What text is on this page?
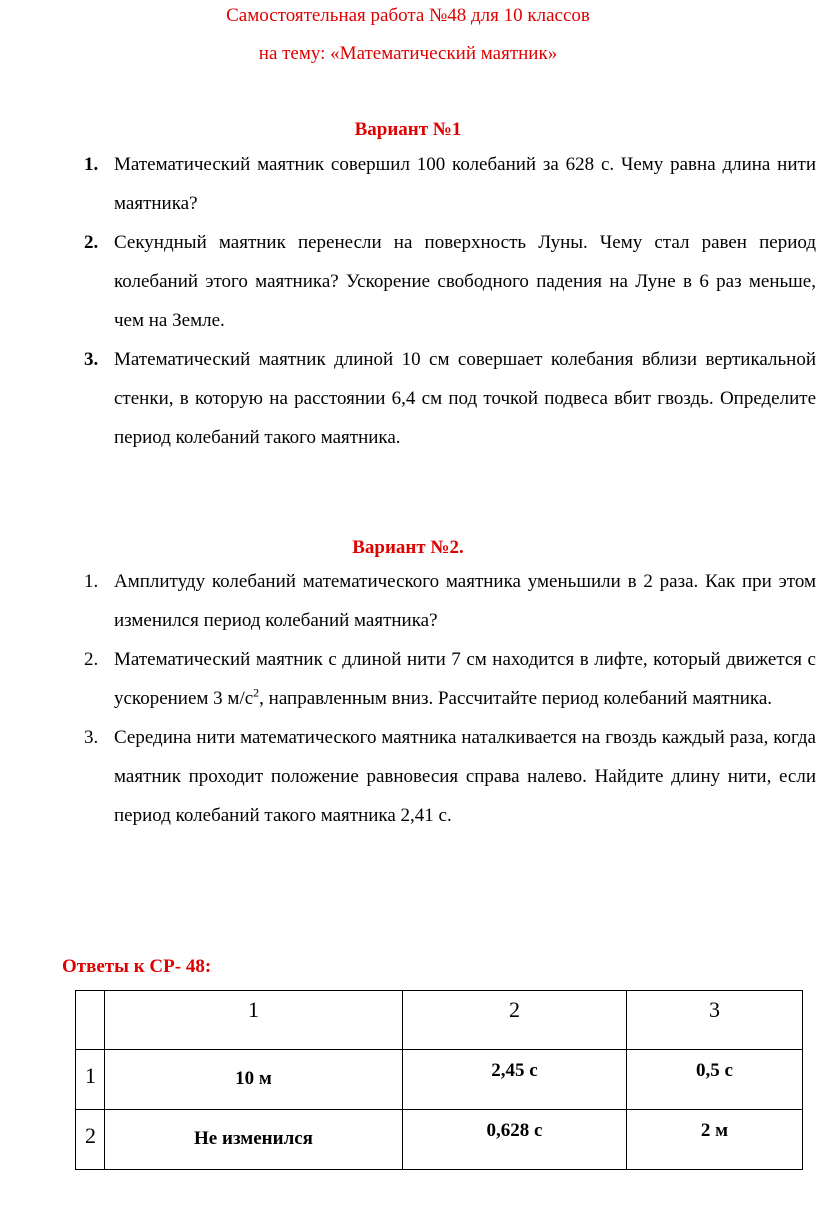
Самостоятельная работа №48 для 10 классов
на тему: «Математический маятник»
Вариант №1
1. Математический маятник совершил 100 колебаний за 628 с. Чему равна длина нити маятника?
2. Секундный маятник перенесли на поверхность Луны. Чему стал равен период колебаний этого маятника? Ускорение свободного падения на Луне в 6 раз меньше, чем на Земле.
3. Математический маятник длиной 10 см совершает колебания вблизи вертикальной стенки, в которую на расстоянии 6,4 см под точкой подвеса вбит гвоздь. Определите период колебаний такого маятника.
Вариант №2.
1. Амплитуду колебаний математического маятника уменьшили в 2 раза. Как при этом изменился период колебаний маятника?
2. Математический маятник с длиной нити 7 см находится в лифте, который движется с ускорением 3 $м/с^2$, направленным вниз. Рассчитайте период колебаний маятника.
3. Середина нити математического маятника наталкивается на гвоздь каждый раза, когда маятник проходит положение равновесия справа налево. Найдите длину нити, если период колебаний такого маятника 2,41 с.
Ответы к СР- 48:

	1	2	3

1	10 м	2,45 с	0,5 с

2	Не изменился	0,628 с	2 м
